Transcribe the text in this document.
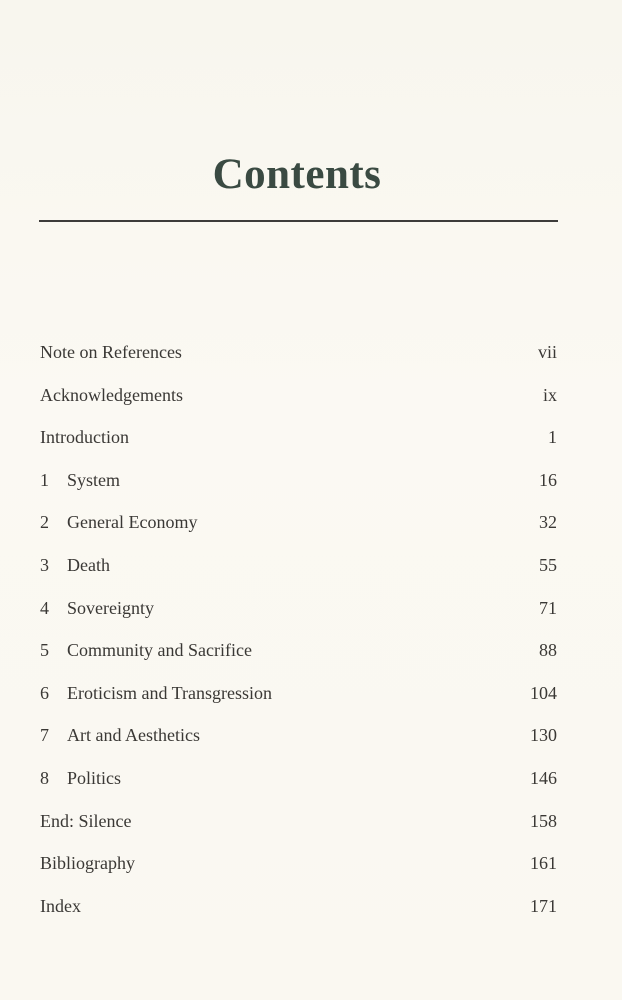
Contents
Note on References	vii
Acknowledgements	ix
Introduction	1
1 System	16
2 General Economy	32
3 Death	55
4 Sovereignty	71
5 Community and Sacrifice	88
6 Eroticism and Transgression	104
7 Art and Aesthetics	130
8 Politics	146
End: Silence	158
Bibliography	161
Index	171
